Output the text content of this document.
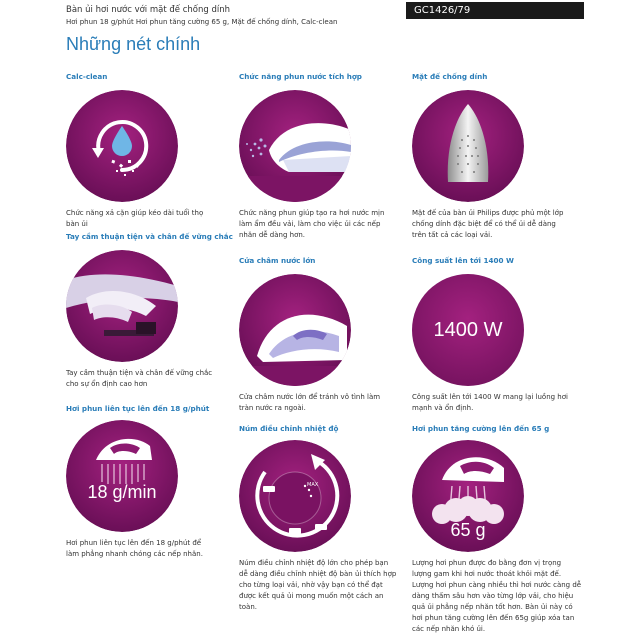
Bàn ủi hơi nước với mặt đế chống dính
Hơi phun 18 g/phút Hơi phun tăng cường 65 g, Mặt đế chống dính, Calc-clean
GC1426/79
Những nét chính
Calc-clean
Chức năng xả cặn giúp kéo dài tuổi thọ bàn ủi
Chức năng phun nước tích hợp
Chức năng phun giúp tạo ra hơi nước mịn làm ẩm đều vải, làm cho việc ủi các nếp nhăn dễ dàng hơn.
Mặt đế chống dính
Mặt đế của bàn ủi Philips được phủ một lớp chống dính đặc biệt để có thể ủi dễ dàng trên tất cả các loại vải.
Tay cầm thuận tiện và chân đế vững chắc
Tay cầm thuận tiện và chân đế vững chắc cho sự ổn định cao hơn
Cửa châm nước lớn
Cửa châm nước lớn để tránh vô tình làm tràn nước ra ngoài.
Công suất lên tới 1400 W
1400 W
Công suất lên tới 1400 W mang lại luồng hơi mạnh và ổn định.
Hơi phun liên tục lên đến 18 g/phút
18 g/min
Hơi phun liên tục lên đến 18 g/phút để làm phẳng nhanh chóng các nếp nhăn.
Núm điều chỉnh nhiệt độ
MAX
Núm điều chỉnh nhiệt độ lớn cho phép bạn dễ dàng điều chỉnh nhiệt độ bàn ủi thích hợp cho từng loại vải, nhờ vậy bạn có thể đạt được kết quả ủi mong muốn một cách an toàn.
Hơi phun tăng cường lên đến 65 g
65 g
Lượng hơi phun được đo bằng đơn vị trọng lượng gam khi hơi nước thoát khỏi mặt đế. Lượng hơi phun càng nhiều thì hơi nước càng dễ dàng thấm sâu hơn vào từng lớp vải, cho hiệu quả ủi phẳng nếp nhăn tốt hơn. Bàn ủi này có hơi phun tăng cường lên đến 65g giúp xóa tan các nếp nhăn khó ủi.
